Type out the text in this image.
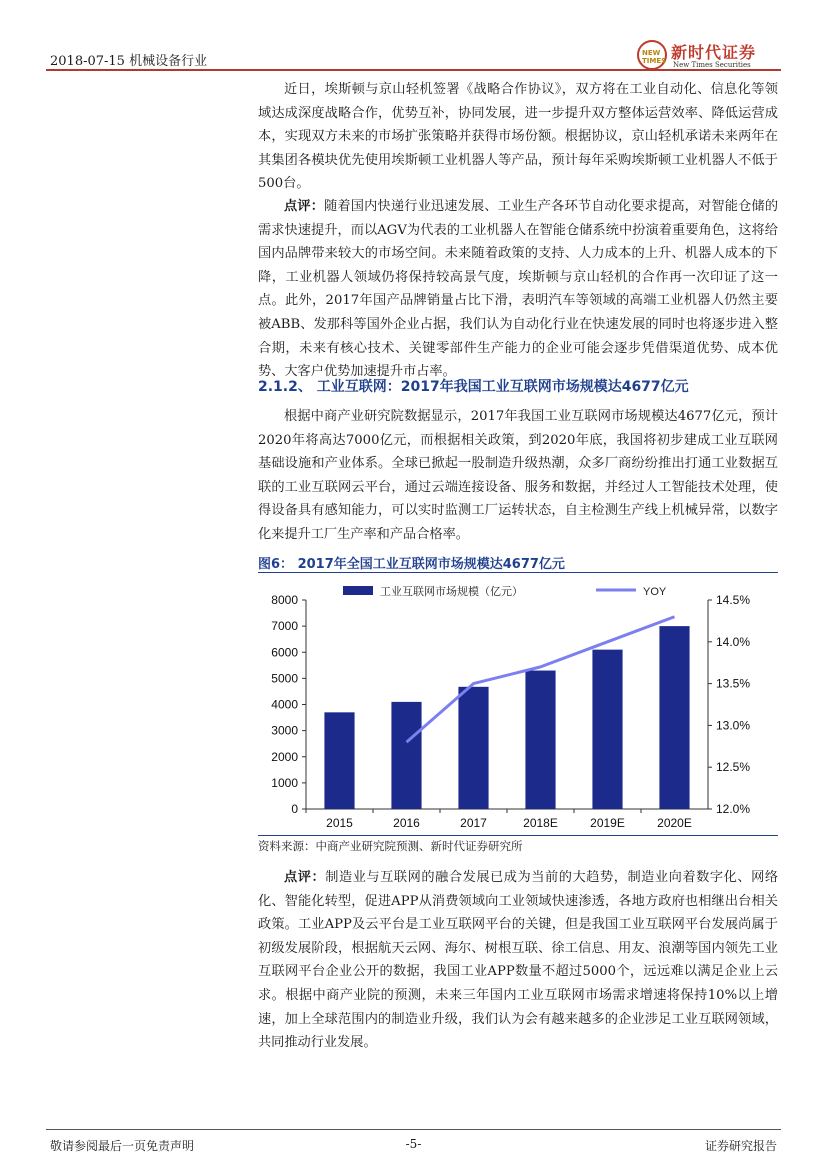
2018-07-15 机械设备行业
NEW TIMES 新时代证券
New Times Securities

近日，埃斯顿与京山轻机签署《战略合作协议》，双方将在工业自动化、信息化等领域达成深度战略合作，优势互补，协同发展，进一步提升双方整体运营效率、降低运营成本，实现双方未来的市场扩张策略并获得市场份额。根据协议，京山轻机承诺未来两年在其集团各模块优先使用埃斯顿工业机器人等产品，预计每年采购埃斯顿工业机器人不低于500台。

点评：随着国内快递行业迅速发展、工业生产各环节自动化要求提高，对智能仓储的需求快速提升，而以AGV为代表的工业机器人在智能仓储系统中扮演着重要角色，这将给国内品牌带来较大的市场空间。未来随着政策的支持、人力成本的上升、机器人成本的下降，工业机器人领域仍将保持较高景气度，埃斯顿与京山轻机的合作再一次印证了这一点。此外，2017年国产品牌销量占比下滑，表明汽车等领域的高端工业机器人仍然主要被ABB、发那科等国外企业占据，我们认为自动化行业在快速发展的同时也将逐步进入整合期，未来有核心技术、关键零部件生产能力的企业可能会逐步凭借渠道优势、成本优势、大客户优势加速提升市占率。

2.1.2、 工业互联网：2017年我国工业互联网市场规模达4677亿元

根据中商产业研究院数据显示，2017年我国工业互联网市场规模达4677亿元，预计2020年将高达7000亿元，而根据相关政策，到2020年底，我国将初步建成工业互联网基础设施和产业体系。全球已掀起一股制造升级热潮，众多厂商纷纷推出打通工业数据互联的工业互联网云平台，通过云端连接设备、服务和数据，并经过人工智能技术处理，使得设备具有感知能力，可以实时监测工厂运转状态，自主检测生产线上机械异常，以数字化来提升工厂生产率和产品合格率。

图6： 2017年全国工业互联网市场规模达4677亿元
工业互联网市场规模（亿元）	YOY
0
1000
2000
3000
4000
5000
6000
7000
8000
12.0%
12.5%
13.0%
13.5%
14.0%
14.5%
2015	2016	2017	2018E	2019E	2020E
资料来源：中商产业研究院预测、新时代证券研究所

点评：制造业与互联网的融合发展已成为当前的大趋势，制造业向着数字化、网络化、智能化转型，促进APP从消费领域向工业领域快速渗透，各地方政府也相继出台相关政策。工业APP及云平台是工业互联网平台的关键，但是我国工业互联网平台发展尚属于初级发展阶段，根据航天云网、海尔、树根互联、徐工信息、用友、浪潮等国内领先工业互联网平台企业公开的数据，我国工业APP数量不超过5000个，远远难以满足企业上云求。根据中商产业院的预测，未来三年国内工业互联网市场需求增速将保持10%以上增速，加上全球范围内的制造业升级，我们认为会有越来越多的企业涉足工业互联网领域，共同推动行业发展。

敬请参阅最后一页免责声明	-5-	证券研究报告
